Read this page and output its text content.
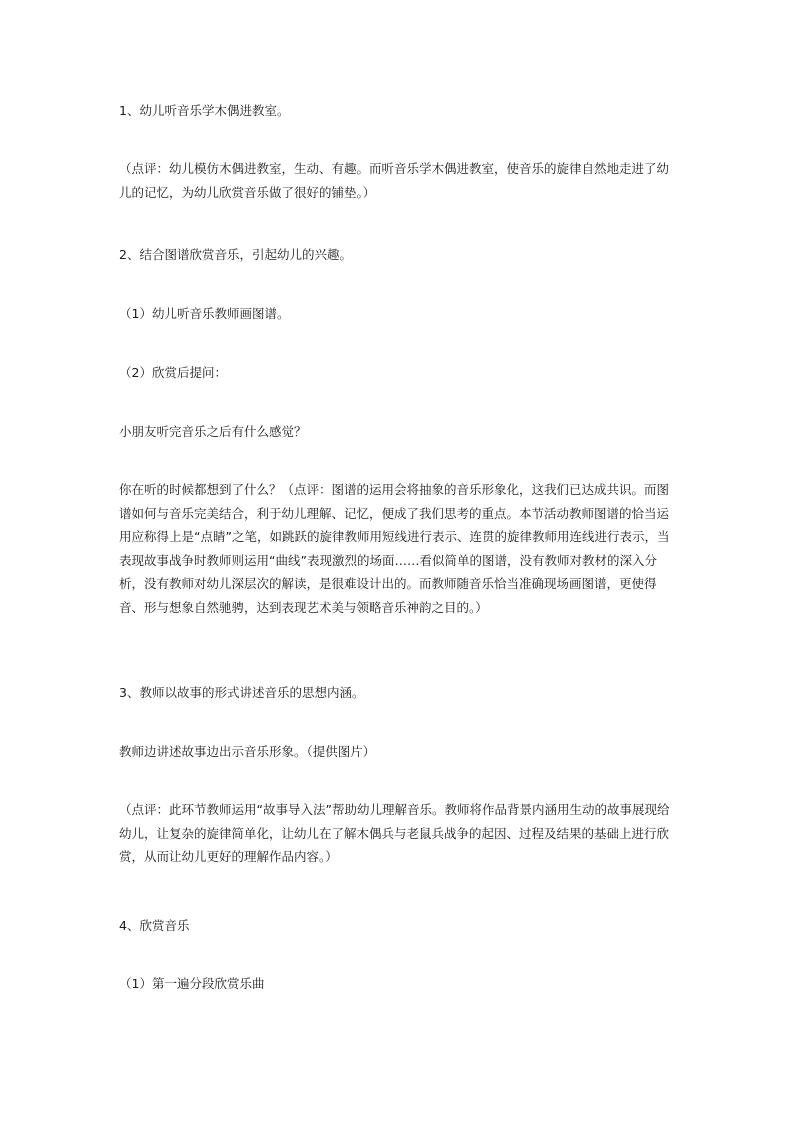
1、幼儿听音乐学木偶进教室。

（点评：幼儿模仿木偶进教室，生动、有趣。而听音乐学木偶进教室，使音乐的旋律自然地走进了幼儿的记忆，为幼儿欣赏音乐做了很好的铺垫。）

2、结合图谱欣赏音乐，引起幼儿的兴趣。

（1）幼儿听音乐教师画图谱。

（2）欣赏后提问：

小朋友听完音乐之后有什么感觉？

你在听的时候都想到了什么？（点评：图谱的运用会将抽象的音乐形象化，这我们已达成共识。而图谱如何与音乐完美结合，利于幼儿理解、记忆，便成了我们思考的重点。本节活动教师图谱的恰当运用应称得上是“点睛”之笔，如跳跃的旋律教师用短线进行表示、连贯的旋律教师用连线进行表示，当表现故事战争时教师则运用“曲线”表现激烈的场面……看似简单的图谱，没有教师对教材的深入分析，没有教师对幼儿深层次的解读，是很难设计出的。而教师随音乐恰当准确现场画图谱，更使得音、形与想象自然驰骋，达到表现艺术美与领略音乐神韵之目的。）

3、教师以故事的形式讲述音乐的思想内涵。

教师边讲述故事边出示音乐形象。（提供图片）

（点评：此环节教师运用“故事导入法”帮助幼儿理解音乐。教师将作品背景内涵用生动的故事展现给幼儿，让复杂的旋律简单化，让幼儿在了解木偶兵与老鼠兵战争的起因、过程及结果的基础上进行欣赏，从而让幼儿更好的理解作品内容。）

4、欣赏音乐

（1）第一遍分段欣赏乐曲
